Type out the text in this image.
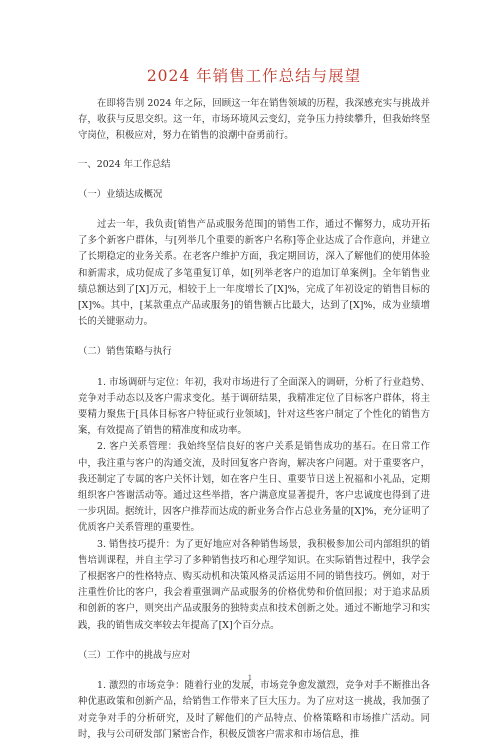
2024 年销售工作总结与展望

在即将告别 2024 年之际，回顾这一年在销售领域的历程，我深感充实与挑战并存，收获与反思交织。这一年，市场环境风云变幻，竞争压力持续攀升，但我始终坚守岗位，积极应对，努力在销售的浪潮中奋勇前行。

一、2024 年工作总结

（一）业绩达成概况

过去一年，我负责[销售产品或服务范围]的销售工作，通过不懈努力，成功开拓了多个新客户群体，与[列举几个重要的新客户名称]等企业达成了合作意向，并建立了长期稳定的业务关系。在老客户维护方面，我定期回访，深入了解他们的使用体验和新需求，成功促成了多笔重复订单，如[列举老客户的追加订单案例]。全年销售业绩总额达到了[X]万元，相较于上一年度增长了[X]%，完成了年初设定的销售目标的[X]%。其中，[某款重点产品或服务]的销售额占比最大，达到了[X]%，成为业绩增长的关键驱动力。

（二）销售策略与执行

1. 市场调研与定位：年初，我对市场进行了全面深入的调研，分析了行业趋势、竞争对手动态以及客户需求变化。基于调研结果，我精准定位了目标客户群体，将主要精力聚焦于[具体目标客户特征或行业领域]，针对这些客户制定了个性化的销售方案，有效提高了销售的精准度和成功率。

2. 客户关系管理：我始终坚信良好的客户关系是销售成功的基石。在日常工作中，我注重与客户的沟通交流，及时回复客户咨询，解决客户问题。对于重要客户，我还制定了专属的客户关怀计划，如在客户生日、重要节日送上祝福和小礼品，定期组织客户答谢活动等。通过这些举措，客户满意度显著提升，客户忠诚度也得到了进一步巩固。据统计，因客户推荐而达成的新业务合作占总业务量的[X]%，充分证明了优质客户关系管理的重要性。

3. 销售技巧提升：为了更好地应对各种销售场景，我积极参加公司内部组织的销售培训课程，并自主学习了多种销售技巧和心理学知识。在实际销售过程中，我学会了根据客户的性格特点、购买动机和决策风格灵活运用不同的销售技巧。例如，对于注重性价比的客户，我会着重强调产品或服务的价格优势和价值回报；对于追求品质和创新的客户，则突出产品或服务的独特卖点和技术创新之处。通过不断地学习和实践，我的销售成交率较去年提高了[X]个百分点。

（三）工作中的挑战与应对

1. 激烈的市场竞争：随着行业的发展，市场竞争愈发激烈，竞争对手不断推出各种优惠政策和创新产品，给销售工作带来了巨大压力。为了应对这一挑战，我加强了对竞争对手的分析研究，及时了解他们的产品特点、价格策略和市场推广活动。同时，我与公司研发部门紧密合作，积极反馈客户需求和市场信息，推

1
